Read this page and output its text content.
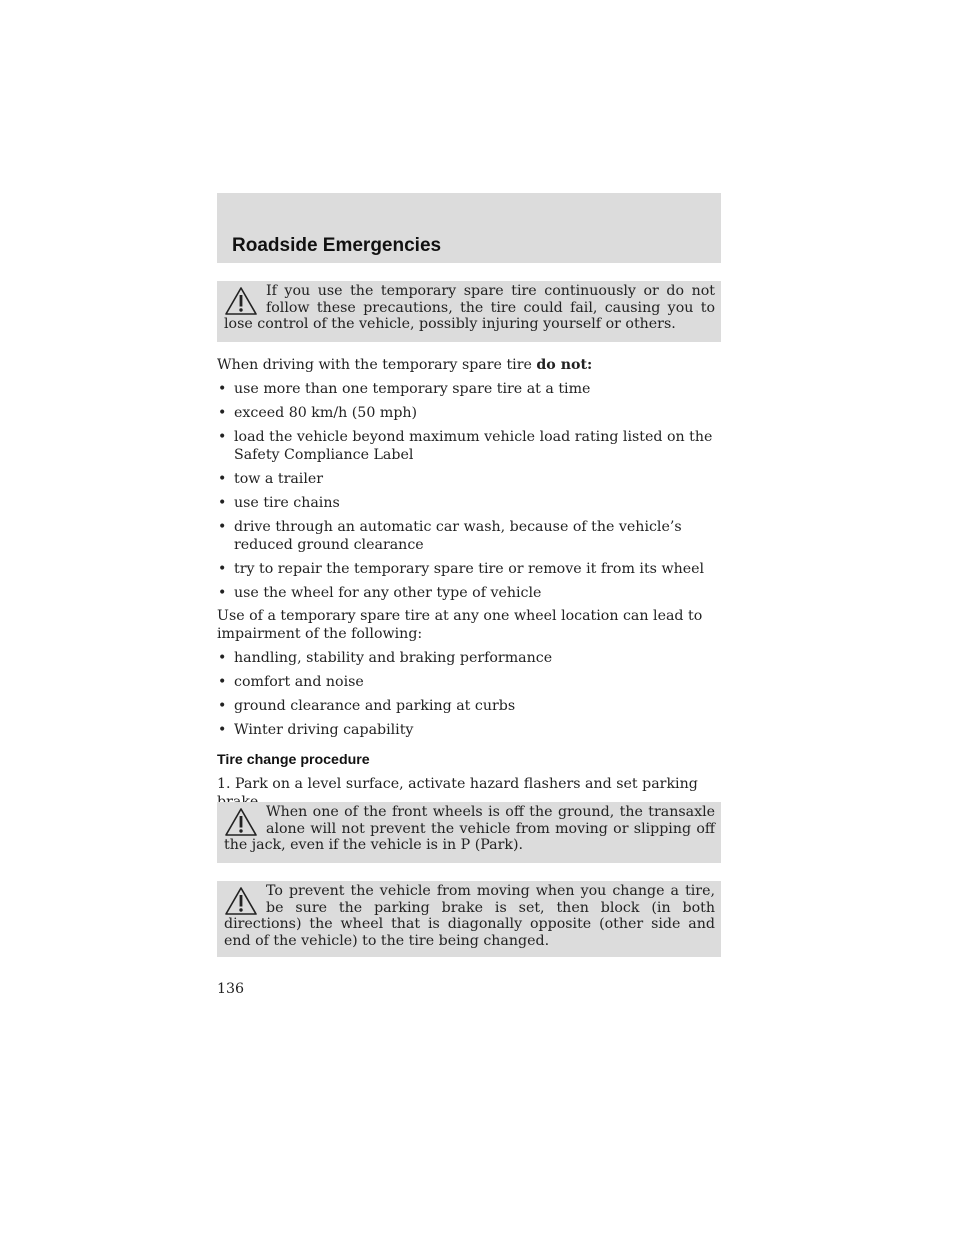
Roadside Emergencies
If you use the temporary spare tire continuously or do not follow these precautions, the tire could fail, causing you to lose control of the vehicle, possibly injuring yourself or others.
When driving with the temporary spare tire do not:
• use more than one temporary spare tire at a time
• exceed 80 km/h (50 mph)
• load the vehicle beyond maximum vehicle load rating listed on the Safety Compliance Label
• tow a trailer
• use tire chains
• drive through an automatic car wash, because of the vehicle’s reduced ground clearance
• try to repair the temporary spare tire or remove it from its wheel
• use the wheel for any other type of vehicle
Use of a temporary spare tire at any one wheel location can lead to impairment of the following:
• handling, stability and braking performance
• comfort and noise
• ground clearance and parking at curbs
• Winter driving capability
Tire change procedure
1. Park on a level surface, activate hazard flashers and set parking
When one of the front wheels is off the ground, the transaxle alone will not prevent the vehicle from moving or slipping off the jack, even if the vehicle is in P (Park).
To prevent the vehicle from moving when you change a tire, be sure the parking brake is set, then block (in both directions) the wheel that is diagonally opposite (other side and end of the vehicle) to the tire being changed.
136
